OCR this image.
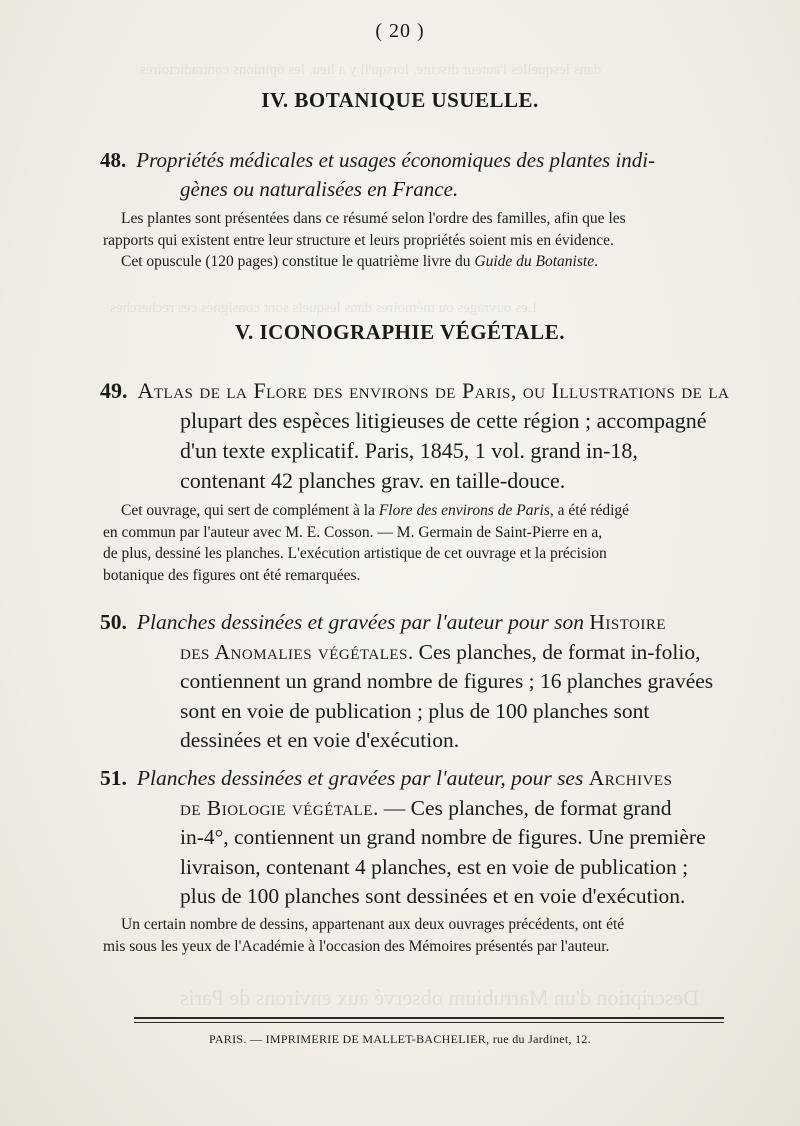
dans lesquelles l'auteur discute, lorsqu'il y a lieu, les opinions contradictoires
Les ouvrages ou mémoires dans lesquels sont consignés ces recherches
Description d'un Marrubium observé aux environs de Paris
( 20 )
IV. BOTANIQUE USUELLE.
48. Propriétés médicales et usages économiques des plantes indi-
gènes ou naturalisées en France.

Les plantes sont présentées dans ce résumé selon l'ordre des familles, afin que les

rapports qui existent entre leur structure et leurs propriétés soient mis en évidence.

Cet opuscule (120 pages) constitue le quatrième livre du Guide du Botaniste.

V. ICONOGRAPHIE VÉGÉTALE.
49. Atlas de la Flore des environs de Paris, ou Illustrations de la
plupart des espèces litigieuses de cette région ; accompagné
d'un texte explicatif. Paris, 1845, 1 vol. grand in-18,
contenant 42 planches grav. en taille-douce.

Cet ouvrage, qui sert de complément à la Flore des environs de Paris, a été rédigé

en commun par l'auteur avec M. E. Cosson. — M. Germain de Saint-Pierre en a,

de plus, dessiné les planches. L'exécution artistique de cet ouvrage et la précision

botanique des figures ont été remarquées.

50. Planches dessinées et gravées par l'auteur pour son Histoire
des Anomalies végétales. Ces planches, de format in-folio,
contiennent un grand nombre de figures ; 16 planches gravées
sont en voie de publication ; plus de 100 planches sont
dessinées et en voie d'exécution.
51. Planches dessinées et gravées par l'auteur, pour ses Archives
de Biologie végétale. — Ces planches, de format grand
in-4°, contiennent un grand nombre de figures. Une première
livraison, contenant 4 planches, est en voie de publication ;
plus de 100 planches sont dessinées et en voie d'exécution.

Un certain nombre de dessins, appartenant aux deux ouvrages précédents, ont été

mis sous les yeux de l'Académie à l'occasion des Mémoires présentés par l'auteur.

PARIS. — IMPRIMERIE DE MALLET-BACHELIER, rue du Jardinet, 12.
